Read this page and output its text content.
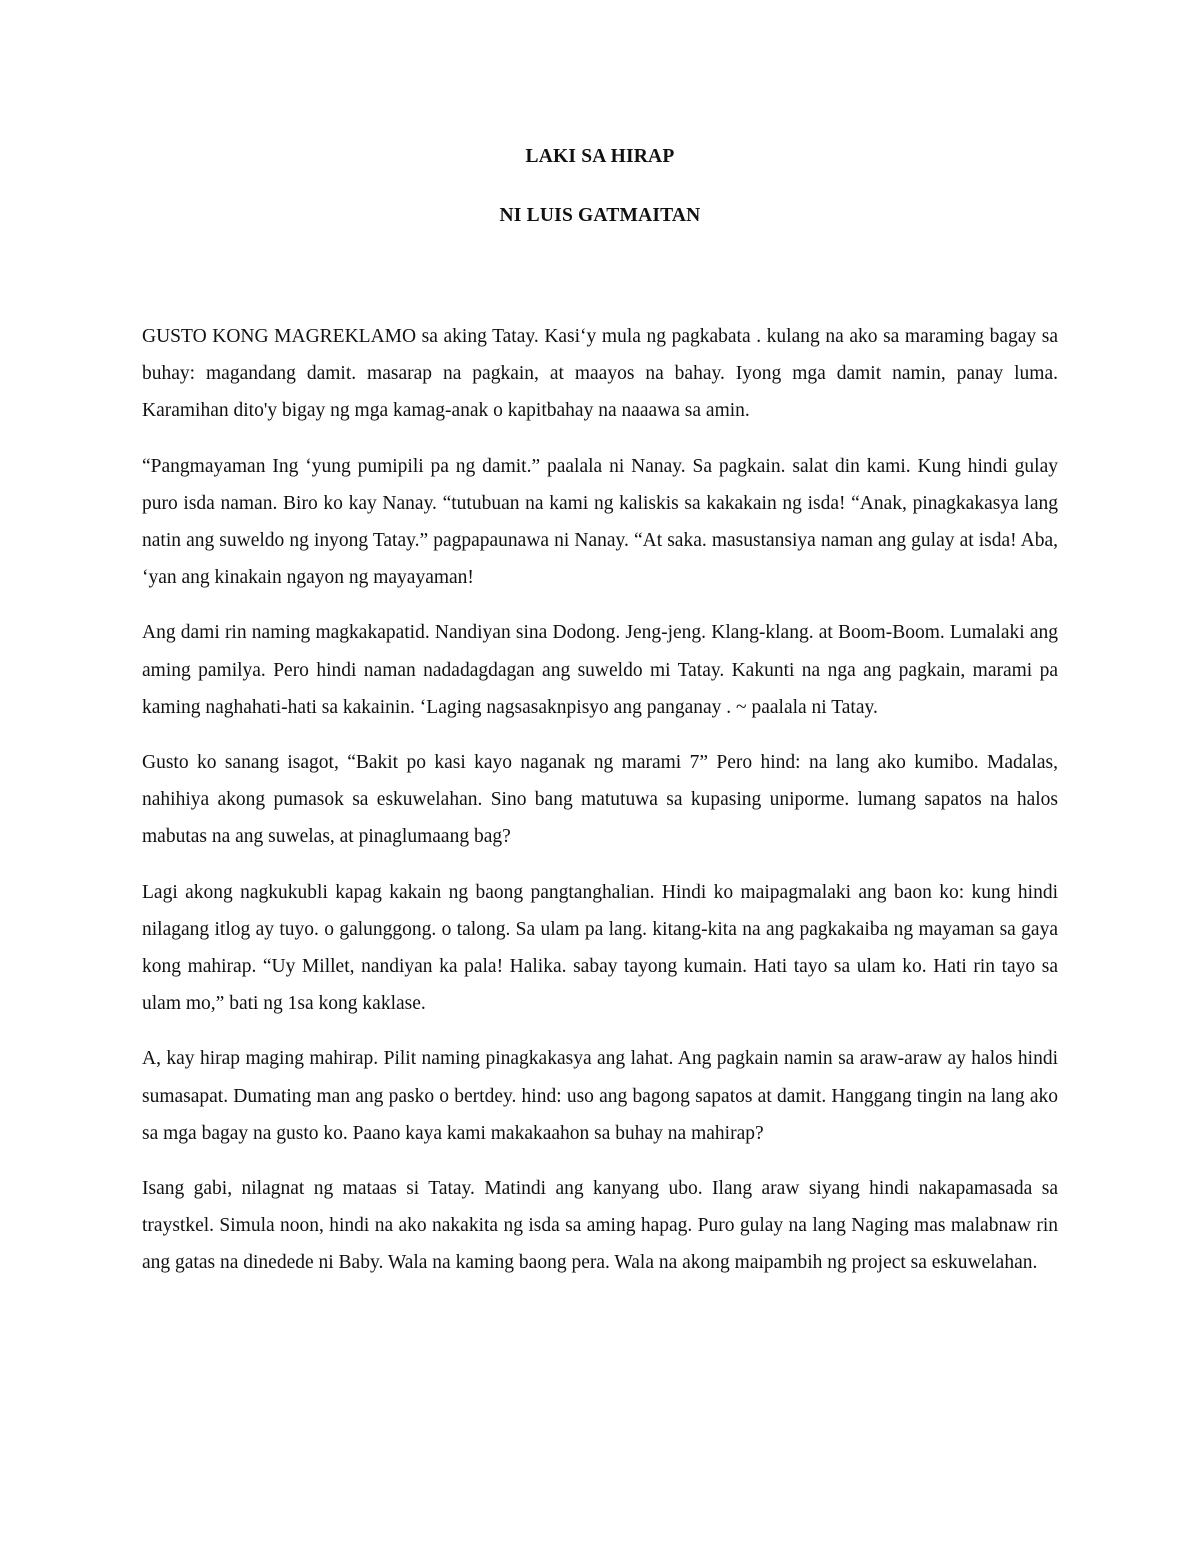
LAKI SA HIRAP
NI LUIS GATMAITAN

GUSTO KONG MAGREKLAMO sa aking Tatay. Kasi‘y mula ng pagkabata . kulang na ako sa maraming bagay sa buhay: magandang damit. masarap na pagkain, at maayos na bahay. Iyong mga damit namin, panay luma. Karamihan dito'y bigay ng mga kamag-anak o kapitbahay na naaawa sa amin.

“Pangmayaman Ing ‘yung pumipili pa ng damit.” paalala ni Nanay. Sa pagkain. salat din kami. Kung hindi gulay puro isda naman. Biro ko kay Nanay. “tutubuan na kami ng kaliskis sa kakakain ng isda! “Anak, pinagkakasya lang natin ang suweldo ng inyong Tatay.” pagpapaunawa ni Nanay. “At saka. masustansiya naman ang gulay at isda! Aba, ‘yan ang kinakain ngayon ng mayayaman!

Ang dami rin naming magkakapatid. Nandiyan sina Dodong. Jeng-jeng. Klang-klang. at Boom-Boom. Lumalaki ang aming pamilya. Pero hindi naman nadadagdagan ang suweldo mi Tatay. Kakunti na nga ang pagkain, marami pa kaming naghahati-hati sa kakainin. ‘Laging nagsasaknpisyo ang panganay . ~ paalala ni Tatay.

Gusto ko sanang isagot, “Bakit po kasi kayo naganak ng marami 7” Pero hind: na lang ako kumibo. Madalas, nahihiya akong pumasok sa eskuwelahan. Sino bang matutuwa sa kupasing uniporme. lumang sapatos na halos mabutas na ang suwelas, at pinaglumaang bag?

Lagi akong nagkukubli kapag kakain ng baong pangtanghalian. Hindi ko maipagmalaki ang baon ko: kung hindi nilagang itlog ay tuyo. o galunggong. o talong. Sa ulam pa lang. kitang-kita na ang pagkakaiba ng mayaman sa gaya kong mahirap. “Uy Millet, nandiyan ka pala! Halika. sabay tayong kumain. Hati tayo sa ulam ko. Hati rin tayo sa ulam mo,” bati ng 1sa kong kaklase.

A, kay hirap maging mahirap. Pilit naming pinagkakasya ang lahat. Ang pagkain namin sa araw-araw ay halos hindi sumasapat. Dumating man ang pasko o bertdey. hind: uso ang bagong sapatos at damit. Hanggang tingin na lang ako sa mga bagay na gusto ko. Paano kaya kami makakaahon sa buhay na mahirap?

Isang gabi, nilagnat ng mataas si Tatay. Matindi ang kanyang ubo. Ilang araw siyang hindi nakapamasada sa traystkel. Simula noon, hindi na ako nakakita ng isda sa aming hapag. Puro gulay na lang Naging mas malabnaw rin ang gatas na dinedede ni Baby. Wala na kaming baong pera. Wala na akong maipambih ng project sa eskuwelahan.
